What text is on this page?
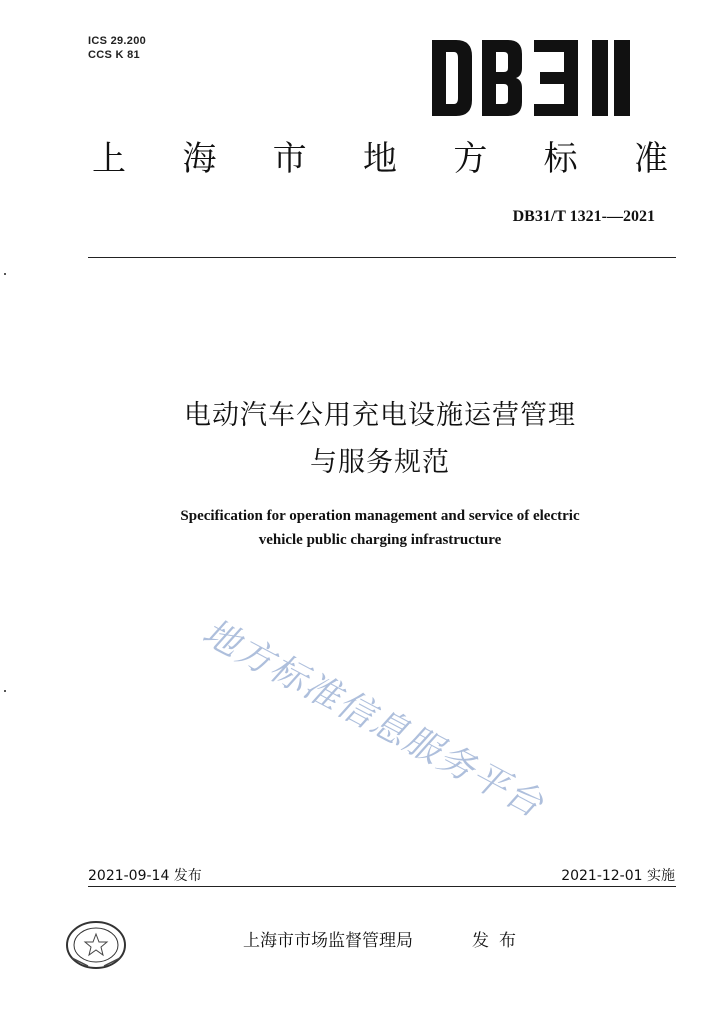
ICS 29.200
CCS K 81
上 海 市 地 方 标 准
DB31/T 1321-—2021
电动汽车公用充电设施运营管理
与服务规范
Specification for operation management and service of electric
vehicle public charging infrastructure
地方标准信息服务平台
2021-09-14 发布	2021-12-01 实施
上海市市场监督管理局	发布
